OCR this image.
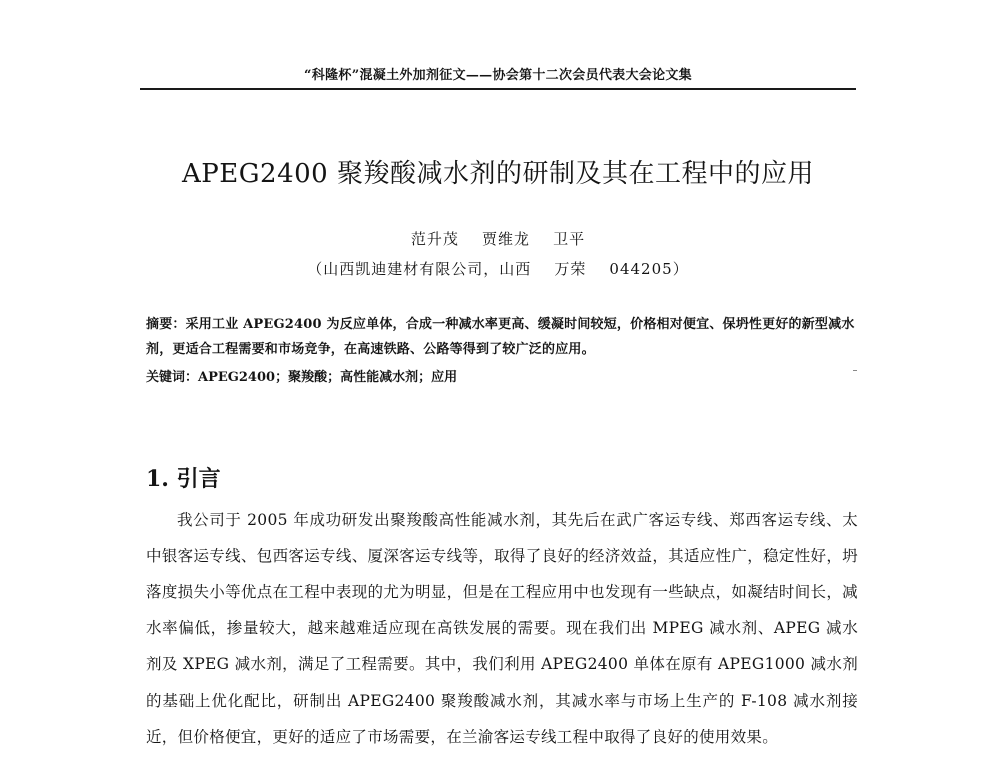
“科隆杯”混凝土外加剂征文——协会第十二次会员代表大会论文集
APEG2400 聚羧酸减水剂的研制及其在工程中的应用
范升茂    贾维龙    卫平
（山西凯迪建材有限公司，山西    万荣    044205）
摘要：采用工业 APEG2400 为反应单体，合成一种减水率更高、缓凝时间较短，价格相对便宜、保坍性更好的新型减水剂，更适合工程需要和市场竞争，在高速铁路、公路等得到了较广泛的应用。
关键词：APEG2400；聚羧酸；高性能减水剂；应用
1. 引言

我公司于 2005 年成功研发出聚羧酸高性能减水剂，其先后在武广客运专线、郑西客运专线、太中银客运专线、包西客运专线、厦深客运专线等，取得了良好的经济效益，其适应性广，稳定性好，坍落度损失小等优点在工程中表现的尤为明显，但是在工程应用中也发现有一些缺点，如凝结时间长，减水率偏低，掺量较大，越来越难适应现在高铁发展的需要。现在我们出 MPEG 减水剂、APEG 减水剂及 XPEG 减水剂，满足了工程需要。其中，我们利用 APEG2400 单体在原有 APEG1000 减水剂的基础上优化配比，研制出 APEG2400 聚羧酸减水剂，其减水率与市场上生产的 F-108 减水剂接近，但价格便宜，更好的适应了市场需要，在兰渝客运专线工程中取得了良好的使用效果。
